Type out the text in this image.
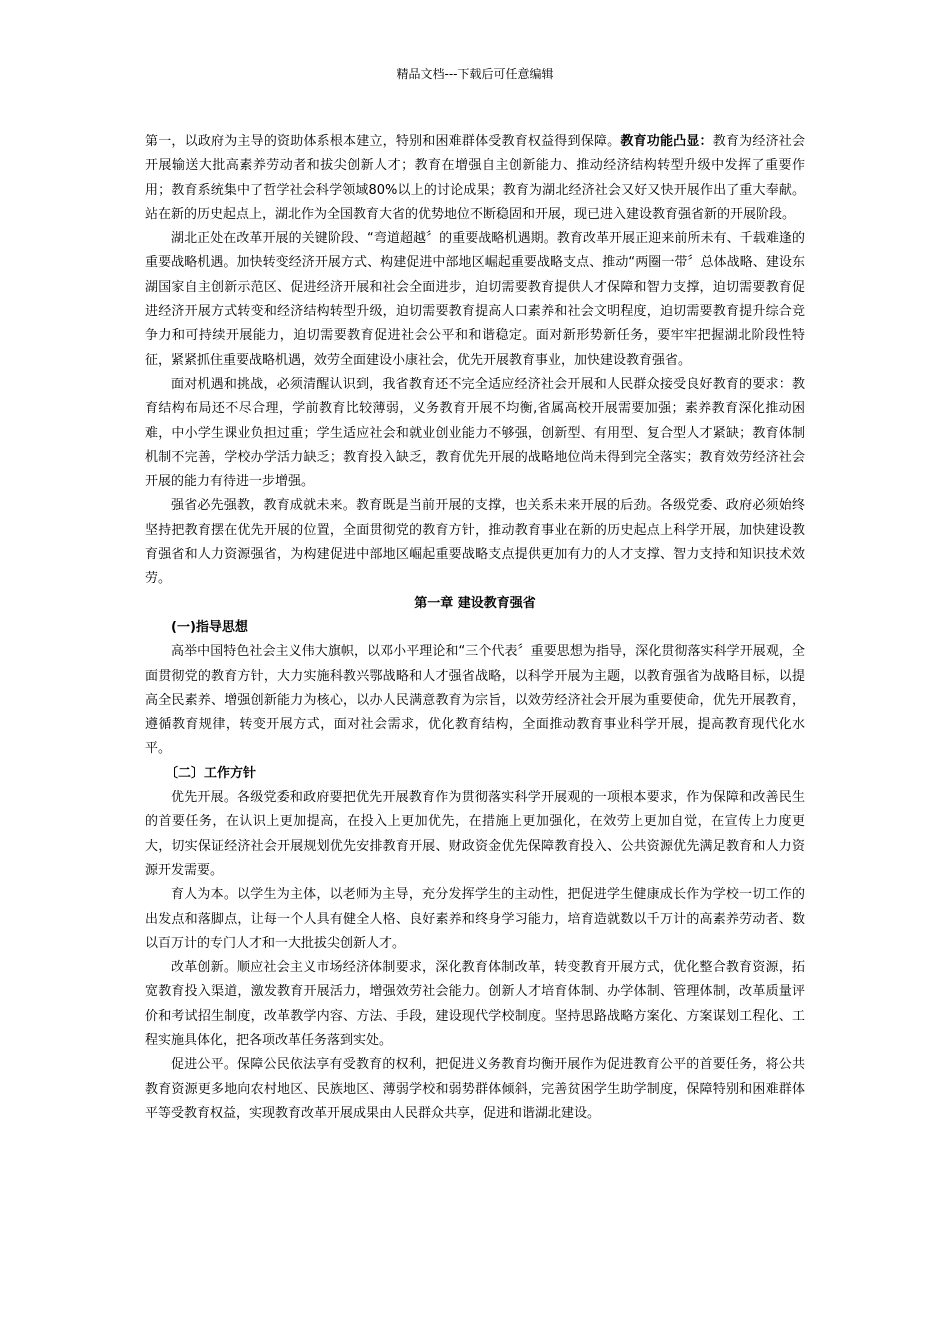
精品文档---下载后可任意编辑

第一，以政府为主导的资助体系根本建立，特别和困难群体受教育权益得到保障。教育功能凸显：教育为经济社会开展输送大批高素养劳动者和拔尖创新人才；教育在增强自主创新能力、推动经济结构转型升级中发挥了重要作用；教育系统集中了哲学社会科学领域80%以上的讨论成果；教育为湖北经济社会又好又快开展作出了重大奉献。站在新的历史起点上，湖北作为全国教育大省的优势地位不断稳固和开展，现已进入建设教育强省新的开展阶段。

湖北正处在改革开展的关键阶段、“弯道超越〞的重要战略机遇期。教育改革开展正迎来前所未有、千载难逢的重要战略机遇。加快转变经济开展方式、构建促进中部地区崛起重要战略支点、推动“两圈一带〞总体战略、建设东湖国家自主创新示范区、促进经济开展和社会全面进步，迫切需要教育提供人才保障和智力支撑，迫切需要教育促进经济开展方式转变和经济结构转型升级，迫切需要教育提高人口素养和社会文明程度，迫切需要教育提升综合竞争力和可持续开展能力，迫切需要教育促进社会公平和和谐稳定。面对新形势新任务，要牢牢把握湖北阶段性特征，紧紧抓住重要战略机遇，效劳全面建设小康社会，优先开展教育事业，加快建设教育强省。

面对机遇和挑战，必须清醒认识到，我省教育还不完全适应经济社会开展和人民群众接受良好教育的要求：教育结构布局还不尽合理，学前教育比较薄弱，义务教育开展不均衡,省属高校开展需要加强；素养教育深化推动困难，中小学生课业负担过重；学生适应社会和就业创业能力不够强，创新型、有用型、复合型人才紧缺；教育体制机制不完善，学校办学活力缺乏；教育投入缺乏，教育优先开展的战略地位尚未得到完全落实；教育效劳经济社会开展的能力有待进一步增强。

强省必先强教，教育成就未来。教育既是当前开展的支撑，也关系未来开展的后劲。各级党委、政府必须始终坚持把教育摆在优先开展的位置，全面贯彻党的教育方针，推动教育事业在新的历史起点上科学开展，加快建设教育强省和人力资源强省，为构建促进中部地区崛起重要战略支点提供更加有力的人才支撑、智力支持和知识技术效劳。

第一章 建设教育强省

(一)指导思想

高举中国特色社会主义伟大旗帜，以邓小平理论和“三个代表〞重要思想为指导，深化贯彻落实科学开展观，全面贯彻党的教育方针，大力实施科教兴鄂战略和人才强省战略，以科学开展为主题，以教育强省为战略目标，以提高全民素养、增强创新能力为核心，以办人民满意教育为宗旨，以效劳经济社会开展为重要使命，优先开展教育，遵循教育规律，转变开展方式，面对社会需求，优化教育结构，全面推动教育事业科学开展，提高教育现代化水平。

〔二〕工作方针

优先开展。各级党委和政府要把优先开展教育作为贯彻落实科学开展观的一项根本要求，作为保障和改善民生的首要任务，在认识上更加提高，在投入上更加优先，在措施上更加强化，在效劳上更加自觉，在宣传上力度更大，切实保证经济社会开展规划优先安排教育开展、财政资金优先保障教育投入、公共资源优先满足教育和人力资源开发需要。

育人为本。以学生为主体，以老师为主导，充分发挥学生的主动性，把促进学生健康成长作为学校一切工作的出发点和落脚点，让每一个人具有健全人格、良好素养和终身学习能力，培育造就数以千万计的高素养劳动者、数以百万计的专门人才和一大批拔尖创新人才。

改革创新。顺应社会主义市场经济体制要求，深化教育体制改革，转变教育开展方式，优化整合教育资源，拓宽教育投入渠道，激发教育开展活力，增强效劳社会能力。创新人才培育体制、办学体制、管理体制，改革质量评价和考试招生制度，改革教学内容、方法、手段，建设现代学校制度。坚持思路战略方案化、方案谋划工程化、工程实施具体化，把各项改革任务落到实处。

促进公平。保障公民依法享有受教育的权利，把促进义务教育均衡开展作为促进教育公平的首要任务，将公共教育资源更多地向农村地区、民族地区、薄弱学校和弱势群体倾斜，完善贫困学生助学制度，保障特别和困难群体平等受教育权益，实现教育改革开展成果由人民群众共享，促进和谐湖北建设。
